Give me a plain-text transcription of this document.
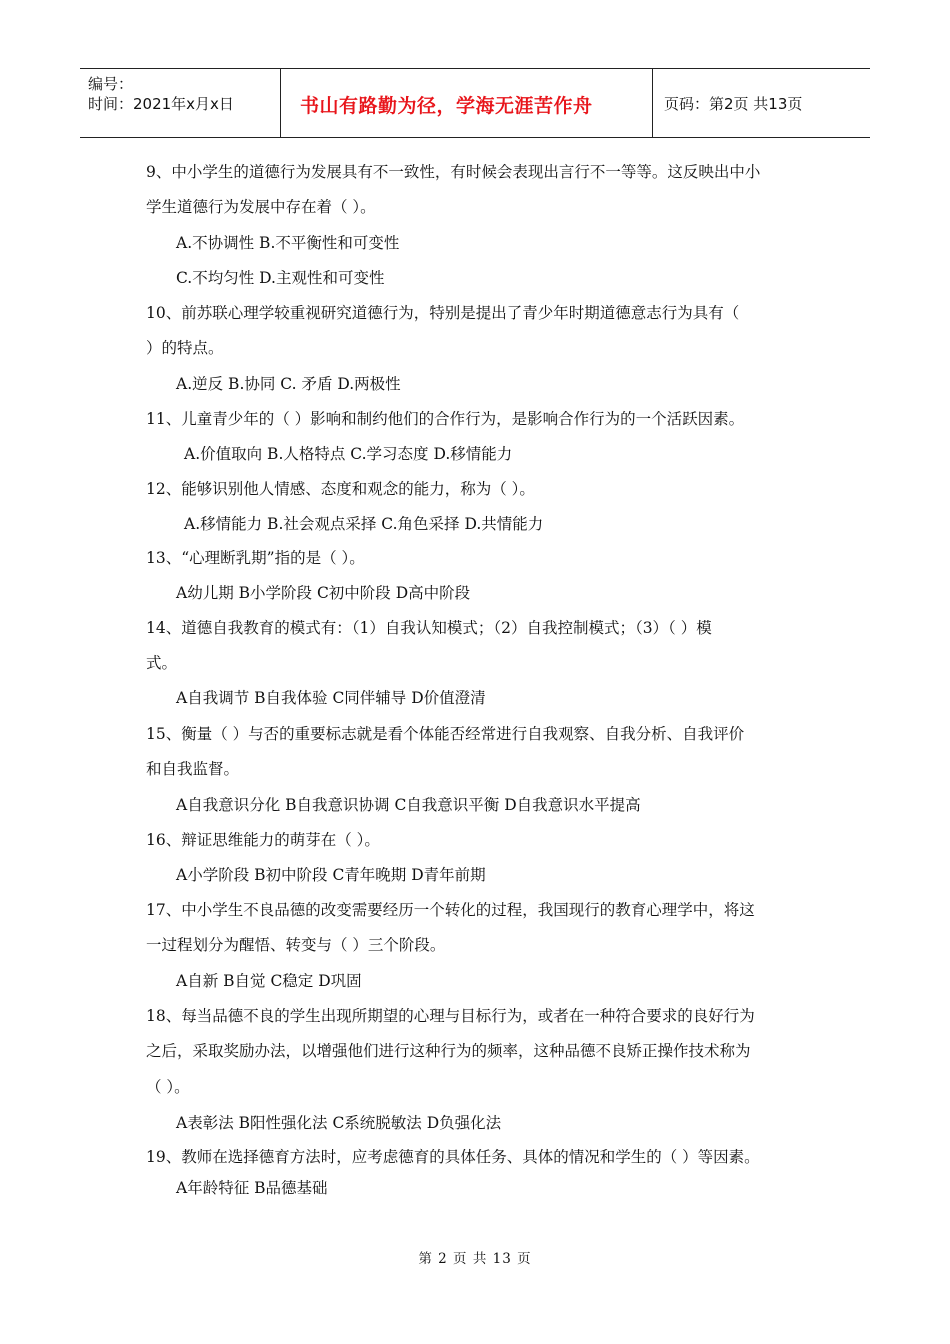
编号：
时间：2021年x月x日	书山有路勤为径，学海无涯苦作舟	页码：第2页 共13页
9、中小学生的道德行为发展具有不一致性，有时候会表现出言行不一等等。这反映出中小
学生道德行为发展中存在着（ ）。
A.不协调性 B.不平衡性和可变性
C.不均匀性 D.主观性和可变性
10、前苏联心理学较重视研究道德行为，特别是提出了青少年时期道德意志行为具有（
）的特点。
A.逆反 B.协同 C. 矛盾 D.两极性
11、儿童青少年的（ ）影响和制约他们的合作行为，是影响合作行为的一个活跃因素。
A.价值取向 B.人格特点 C.学习态度 D.移情能力
12、能够识别他人情感、态度和观念的能力，称为（ ）。
A.移情能力 B.社会观点采择 C.角色采择 D.共情能力
13、“心理断乳期”指的是（ ）。
A幼儿期 B小学阶段 C初中阶段 D高中阶段
14、道德自我教育的模式有：（1）自我认知模式；（2）自我控制模式；（3）（ ）模
式。
A自我调节 B自我体验 C同伴辅导 D价值澄清
15、衡量（ ）与否的重要标志就是看个体能否经常进行自我观察、自我分析、自我评价
和自我监督。
A自我意识分化 B自我意识协调 C自我意识平衡 D自我意识水平提高
16、辩证思维能力的萌芽在（ ）。
A小学阶段 B初中阶段 C青年晚期 D青年前期
17、中小学生不良品德的改变需要经历一个转化的过程，我国现行的教育心理学中，将这
一过程划分为醒悟、转变与（ ）三个阶段。
A自新 B自觉 C稳定 D巩固
18、每当品德不良的学生出现所期望的心理与目标行为，或者在一种符合要求的良好行为
之后，采取奖励办法，以增强他们进行这种行为的频率，这种品德不良矫正操作技术称为
（ ）。
A表彰法 B阳性强化法 C系统脱敏法 D负强化法
19、教师在选择德育方法时，应考虑德育的具体任务、具体的情况和学生的（ ）等因素。
A年龄特征 B品德基础
第 2 页 共 13 页
